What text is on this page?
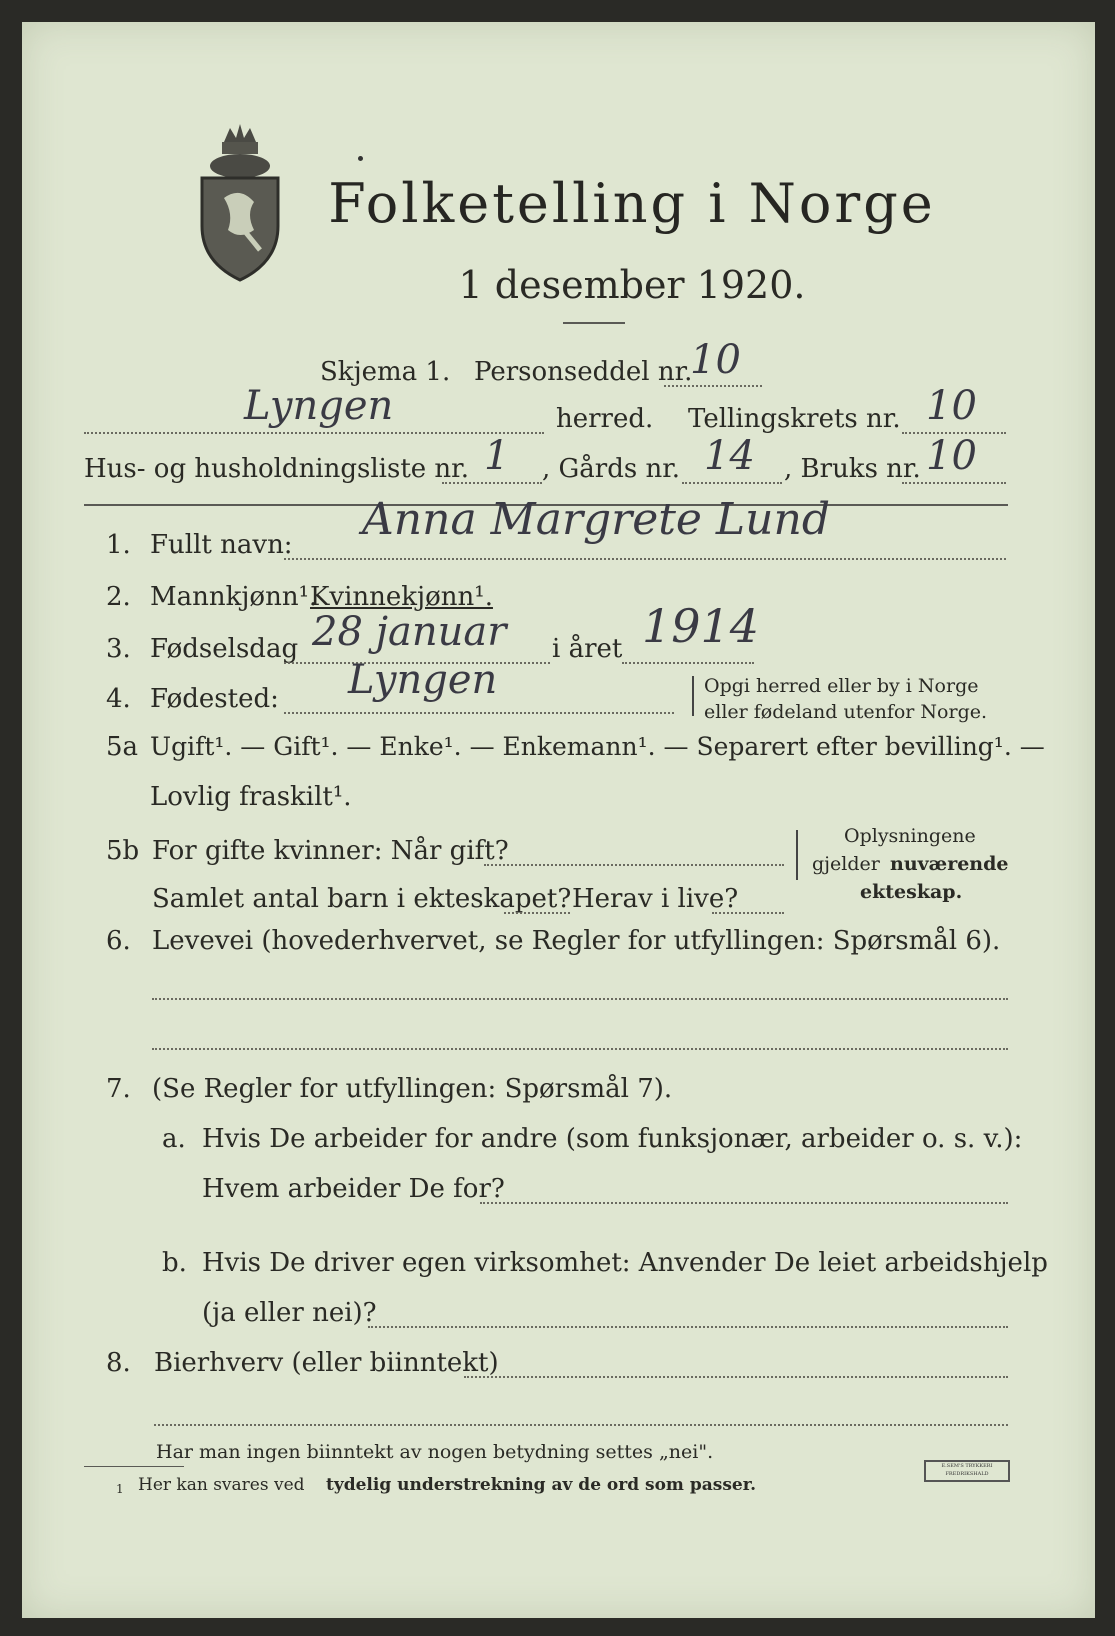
Folketelling i Norge
1 desember 1920.
Skjema 1. Personseddel nr.
10
Lyngen	herred. Tellingskrets nr. 10
Hus- og husholdningsliste nr. 1 , Gårds nr. 14 , Bruks nr. 10
1. Fullt navn: Anna Margrete Lund
2. Mannkjønn¹.
Kvinnekjønn¹.
3. Fødselsdag 28 januar i året 1914
4. Fødested: Lyngen	Opgi herred eller by i Norge
eller fødeland utenfor Norge.
5a Ugift¹. — Gift¹. — Enke¹. — Enkemann¹. — Separert efter bevilling¹. —
Lovlig fraskilt¹.
5b For gifte kvinner: Når gift?
Samlet antal barn i ekteskapet? Herav i live?
Oplysningene
gjelder nuværende
ekteskap.
6. Levevei (hovederhvervet, se Regler for utfyllingen: Spørsmål 6).
7. (Se Regler for utfyllingen: Spørsmål 7).
a. Hvis De arbeider for andre (som funksjonær, arbeider o. s. v.):
Hvem arbeider De for?
b. Hvis De driver egen virksomhet: Anvender De leiet arbeidshjelp
(ja eller nei)?
8. Bierhverv (eller biinntekt)
Har man ingen biinntekt av nogen betydning settes „nei".
1 Her kan svares ved tydelig understrekning av de ord som passer.
E.SEM'S TRYKKERI
FREDRIKSHALD
